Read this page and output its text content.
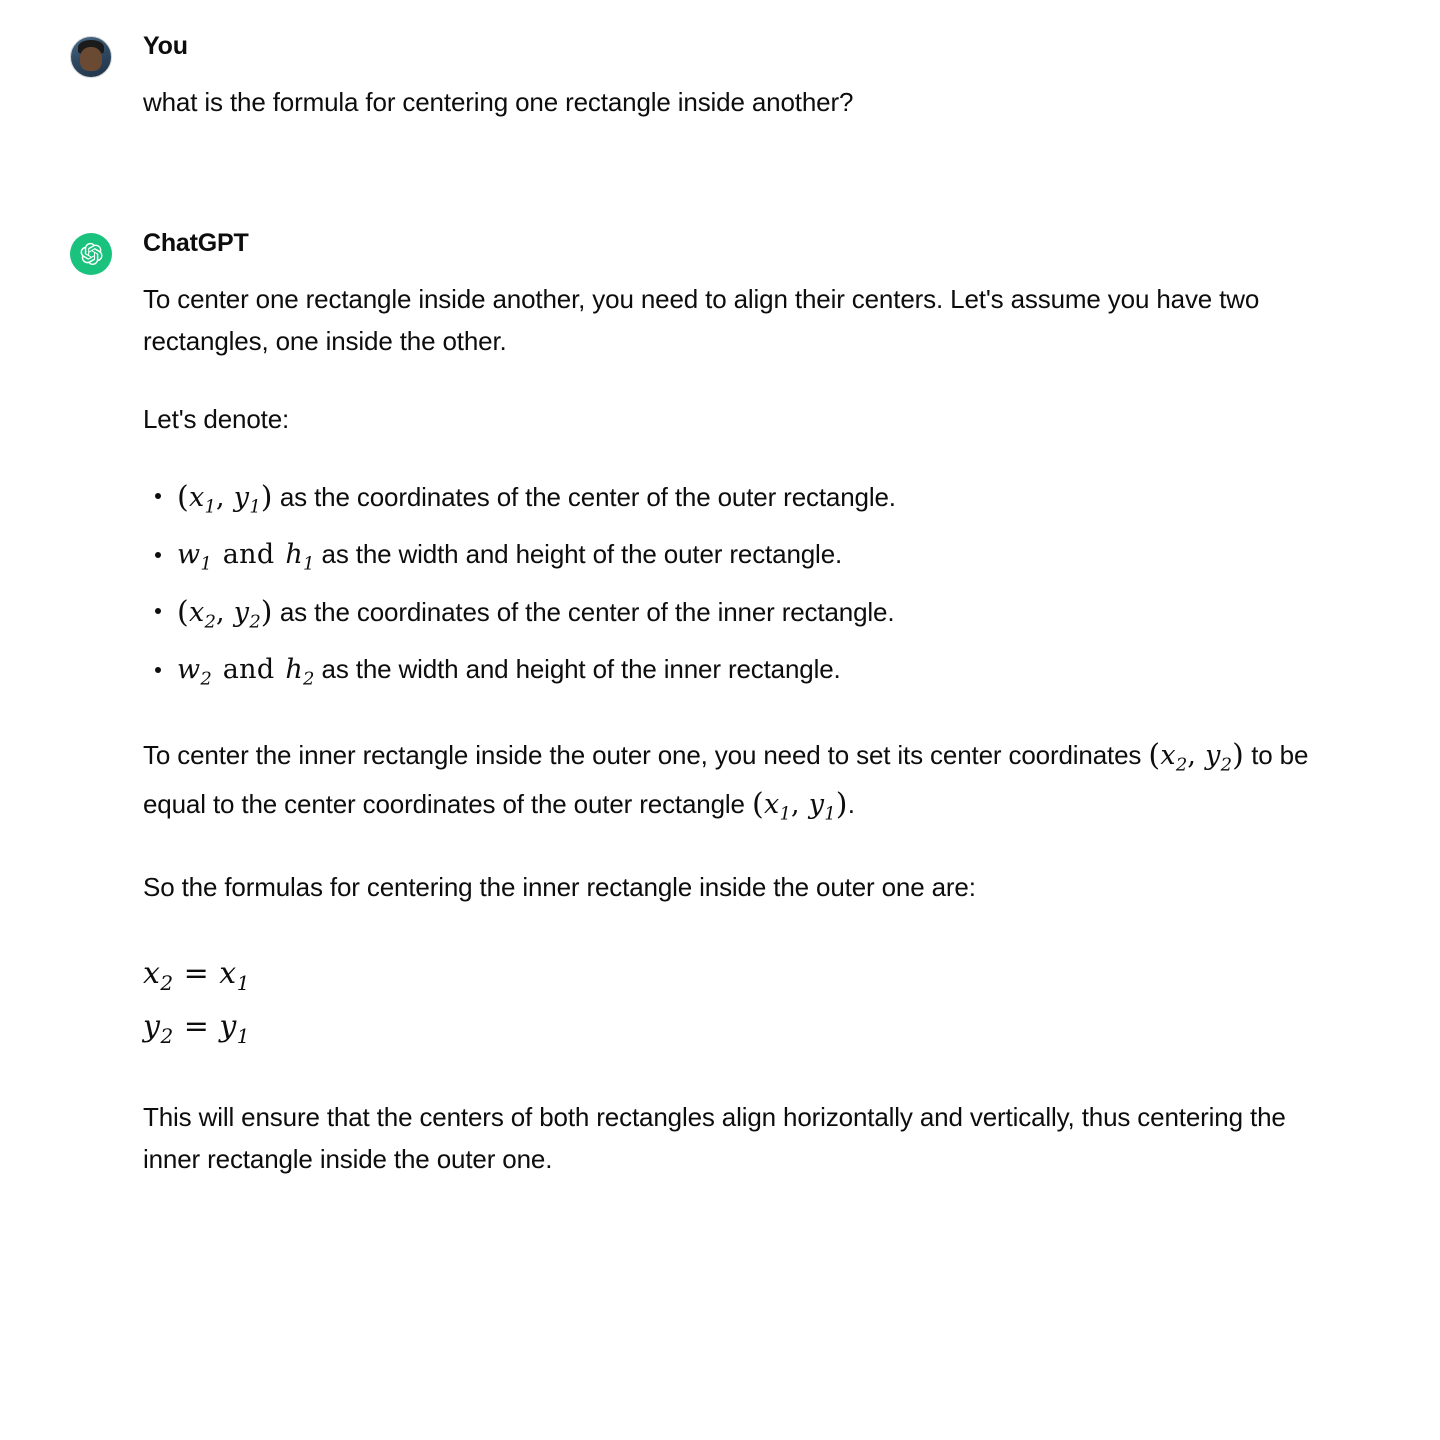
You

what is the formula for centering one rectangle inside another?

ChatGPT

To center one rectangle inside another, you need to align their centers. Let's assume you have two rectangles, one inside the other.

Let's denote:

($x_1$, $y_1$) as the coordinates of the center of the outer rectangle.
$w_1$ and $h_1$ as the width and height of the outer rectangle.
($x_2$, $y_2$) as the coordinates of the center of the inner rectangle.
$w_2$ and $h_2$ as the width and height of the inner rectangle.

To center the inner rectangle inside the outer one, you need to set its center coordinates ($x_2$, $y_2$) to be equal to the center coordinates of the outer rectangle ($x_1$, $y_1$).

So the formulas for centering the inner rectangle inside the outer one are:

$x_2 = x_1$
$y_2 = y_1$

This will ensure that the centers of both rectangles align horizontally and vertically, thus centering the inner rectangle inside the outer one.
